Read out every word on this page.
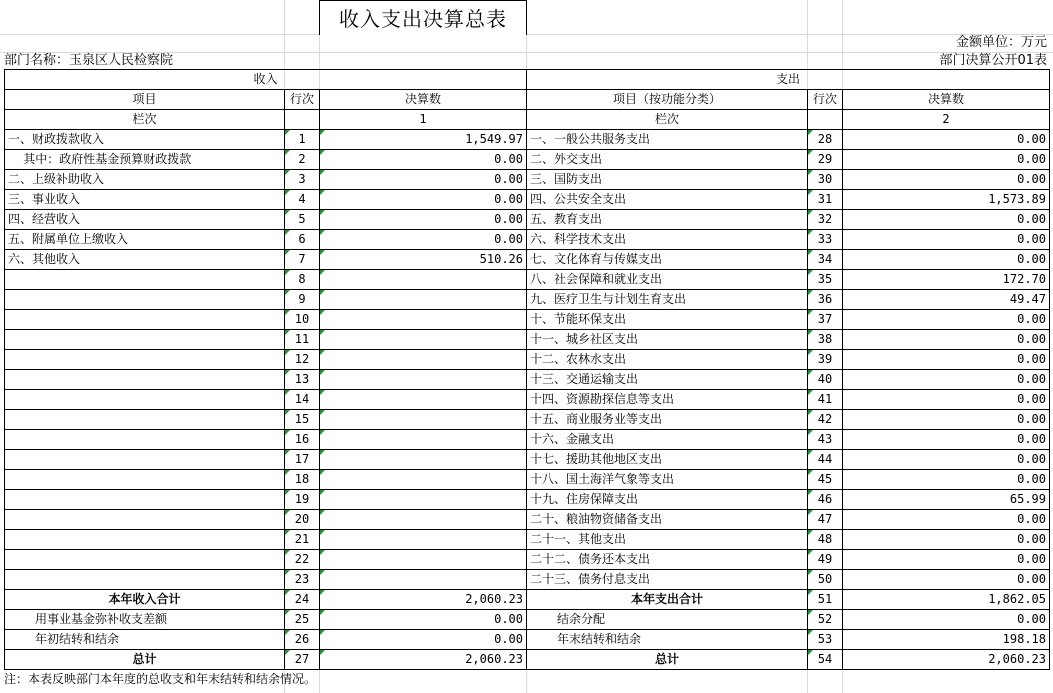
收入支出决算总表
金额单位：万元
部门名称：玉泉区人民检察院	部门决算公开01表
收入			支出		
项目	行次	决算数	项目（按功能分类）	行次	决算数
栏次		1	栏次		2
一、财政拨款收入	1	1,549.97	一、一般公共服务支出	28	0.00
其中：政府性基金预算财政拨款	2	0.00	二、外交支出	29	0.00
二、上级补助收入	3	0.00	三、国防支出	30	0.00
三、事业收入	4	0.00	四、公共安全支出	31	1,573.89
四、经营收入	5	0.00	五、教育支出	32	0.00
五、附属单位上缴收入	6	0.00	六、科学技术支出	33	0.00
六、其他收入	7	510.26	七、文化体育与传媒支出	34	0.00
	8		八、社会保障和就业支出	35	172.70
	9		九、医疗卫生与计划生育支出	36	49.47
	10		十、节能环保支出	37	0.00
	11		十一、城乡社区支出	38	0.00
	12		十二、农林水支出	39	0.00
	13		十三、交通运输支出	40	0.00
	14		十四、资源勘探信息等支出	41	0.00
	15		十五、商业服务业等支出	42	0.00
	16		十六、金融支出	43	0.00
	17		十七、援助其他地区支出	44	0.00
	18		十八、国土海洋气象等支出	45	0.00
	19		十九、住房保障支出	46	65.99
	20		二十、粮油物资储备支出	47	0.00
	21		二十一、其他支出	48	0.00
	22		二十二、债务还本支出	49	0.00
	23		二十三、债务付息支出	50	0.00
本年收入合计	24	2,060.23	本年支出合计	51	1,862.05
用事业基金弥补收支差额	25	0.00	结余分配	52	0.00
年初结转和结余	26	0.00	年末结转和结余	53	198.18
总计	27	2,060.23	总计	54	2,060.23
注：本表反映部门本年度的总收支和年末结转和结余情况。
